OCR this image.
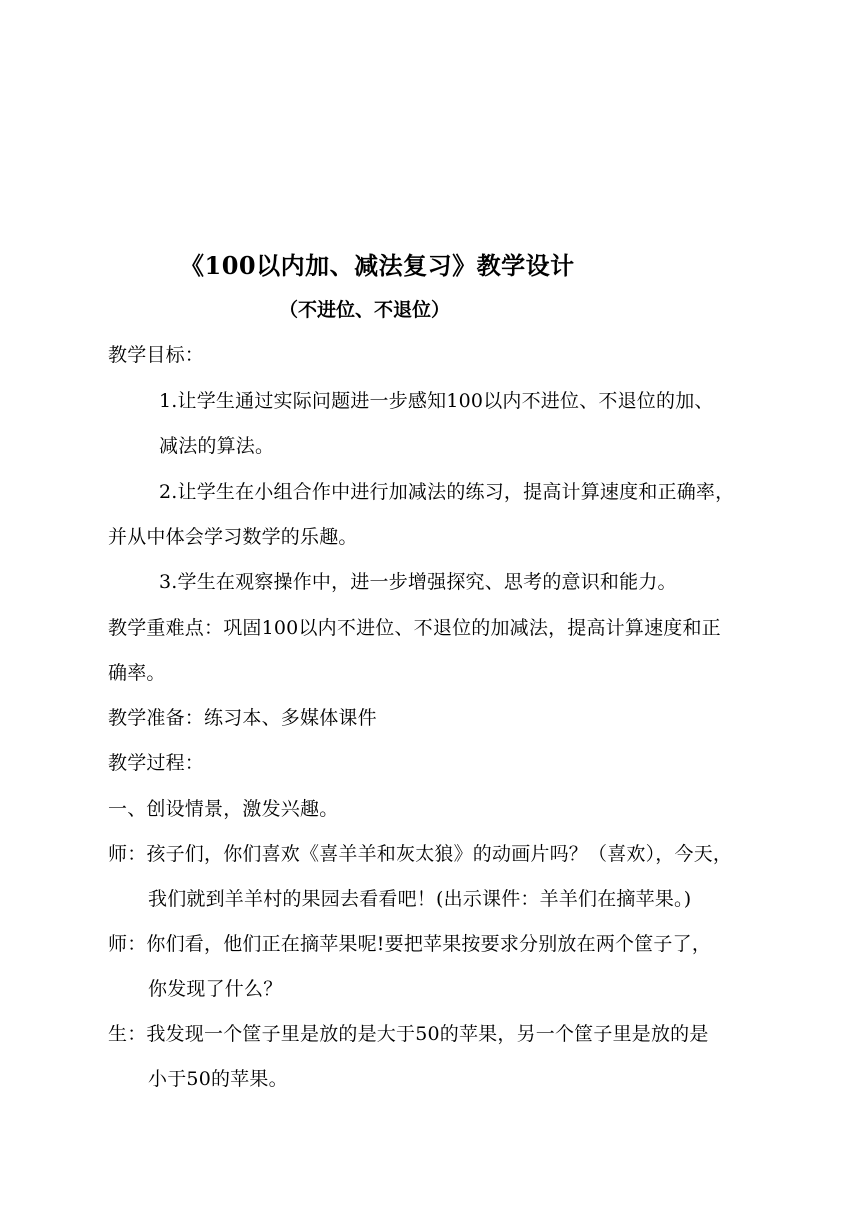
《100以内加、减法复习》教学设计
（不进位、不退位）
教学目标：
1.让学生通过实际问题进一步感知100以内不进位、不退位的加、
减法的算法。
2.让学生在小组合作中进行加减法的练习，提高计算速度和正确率，
并从中体会学习数学的乐趣。
3.学生在观察操作中，进一步增强探究、思考的意识和能力。
教学重难点：巩固100以内不进位、不退位的加减法，提高计算速度和正
确率。
教学准备：练习本、多媒体课件
教学过程：
一、创设情景，激发兴趣。
师：孩子们，你们喜欢《喜羊羊和灰太狼》的动画片吗？（喜欢），今天，
我们就到羊羊村的果园去看看吧！(出示课件：羊羊们在摘苹果。)
师：你们看，他们正在摘苹果呢!要把苹果按要求分别放在两个筐子了，
你发现了什么？
生：我发现一个筐子里是放的是大于50的苹果，另一个筐子里是放的是
小于50的苹果。
